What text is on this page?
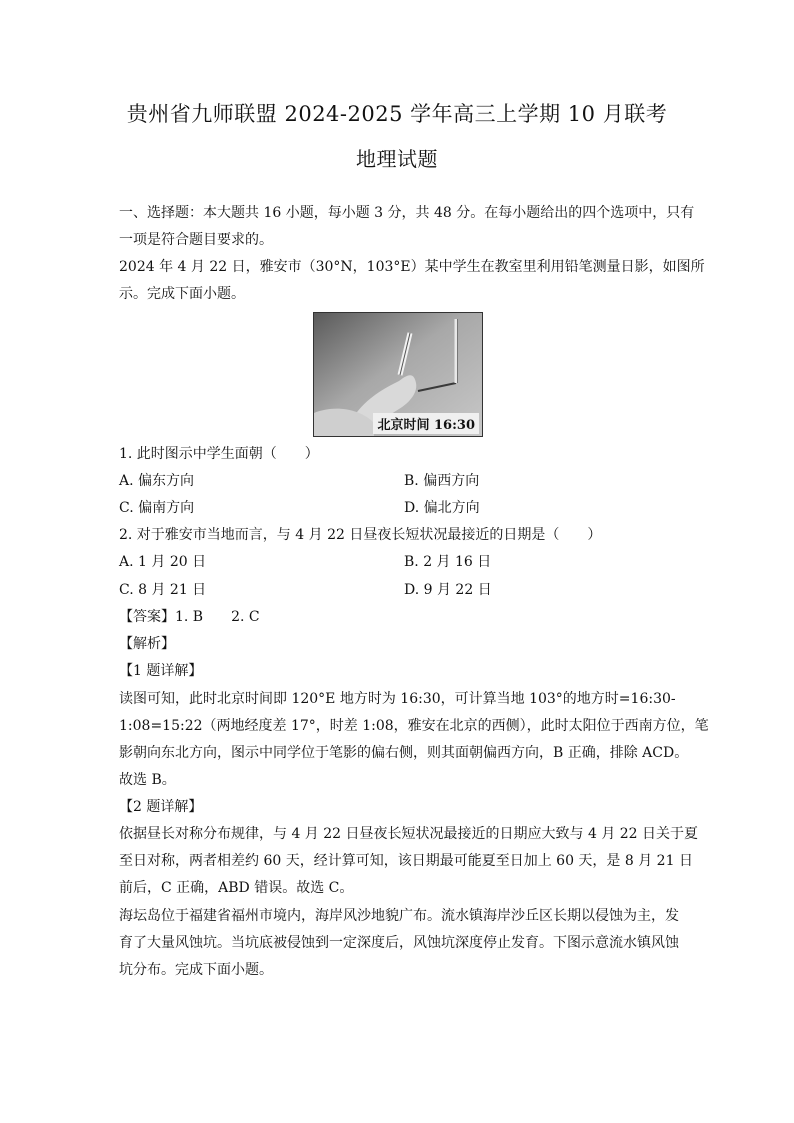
贵州省九师联盟 2024-2025 学年高三上学期 10 月联考
地理试题
一、选择题：本大题共 16 小题，每小题 3 分，共 48 分。在每小题给出的四个选项中，只有
一项是符合题目要求的。
2024 年 4 月 22 日，雅安市（30°N，103°E）某中学生在教室里利用铅笔测量日影，如图所
示。完成下面小题。
北京时间 16:30
1. 此时图示中学生面朝（　　）
A. 偏东方向	B. 偏西方向
C. 偏南方向	D. 偏北方向
2. 对于雅安市当地而言，与 4 月 22 日昼夜长短状况最接近的日期是（　　）
A. 1 月 20 日	B. 2 月 16 日
C. 8 月 21 日	D. 9 月 22 日
【答案】1. B　　2. C
【解析】
【1 题详解】
读图可知，此时北京时间即 120°E 地方时为 16:30，可计算当地 103°的地方时=16:30-
1:08=15:22（两地经度差 17°，时差 1:08，雅安在北京的西侧），此时太阳位于西南方位，笔
影朝向东北方向，图示中同学位于笔影的偏右侧，则其面朝偏西方向，B 正确，排除 ACD。
故选 B。
【2 题详解】
依据昼长对称分布规律，与 4 月 22 日昼夜长短状况最接近的日期应大致与 4 月 22 日关于夏
至日对称，两者相差约 60 天，经计算可知，该日期最可能夏至日加上 60 天，是 8 月 21 日
前后，C 正确，ABD 错误。故选 C。
海坛岛位于福建省福州市境内，海岸风沙地貌广布。流水镇海岸沙丘区长期以侵蚀为主，发
育了大量风蚀坑。当坑底被侵蚀到一定深度后，风蚀坑深度停止发育。下图示意流水镇风蚀
坑分布。完成下面小题。
